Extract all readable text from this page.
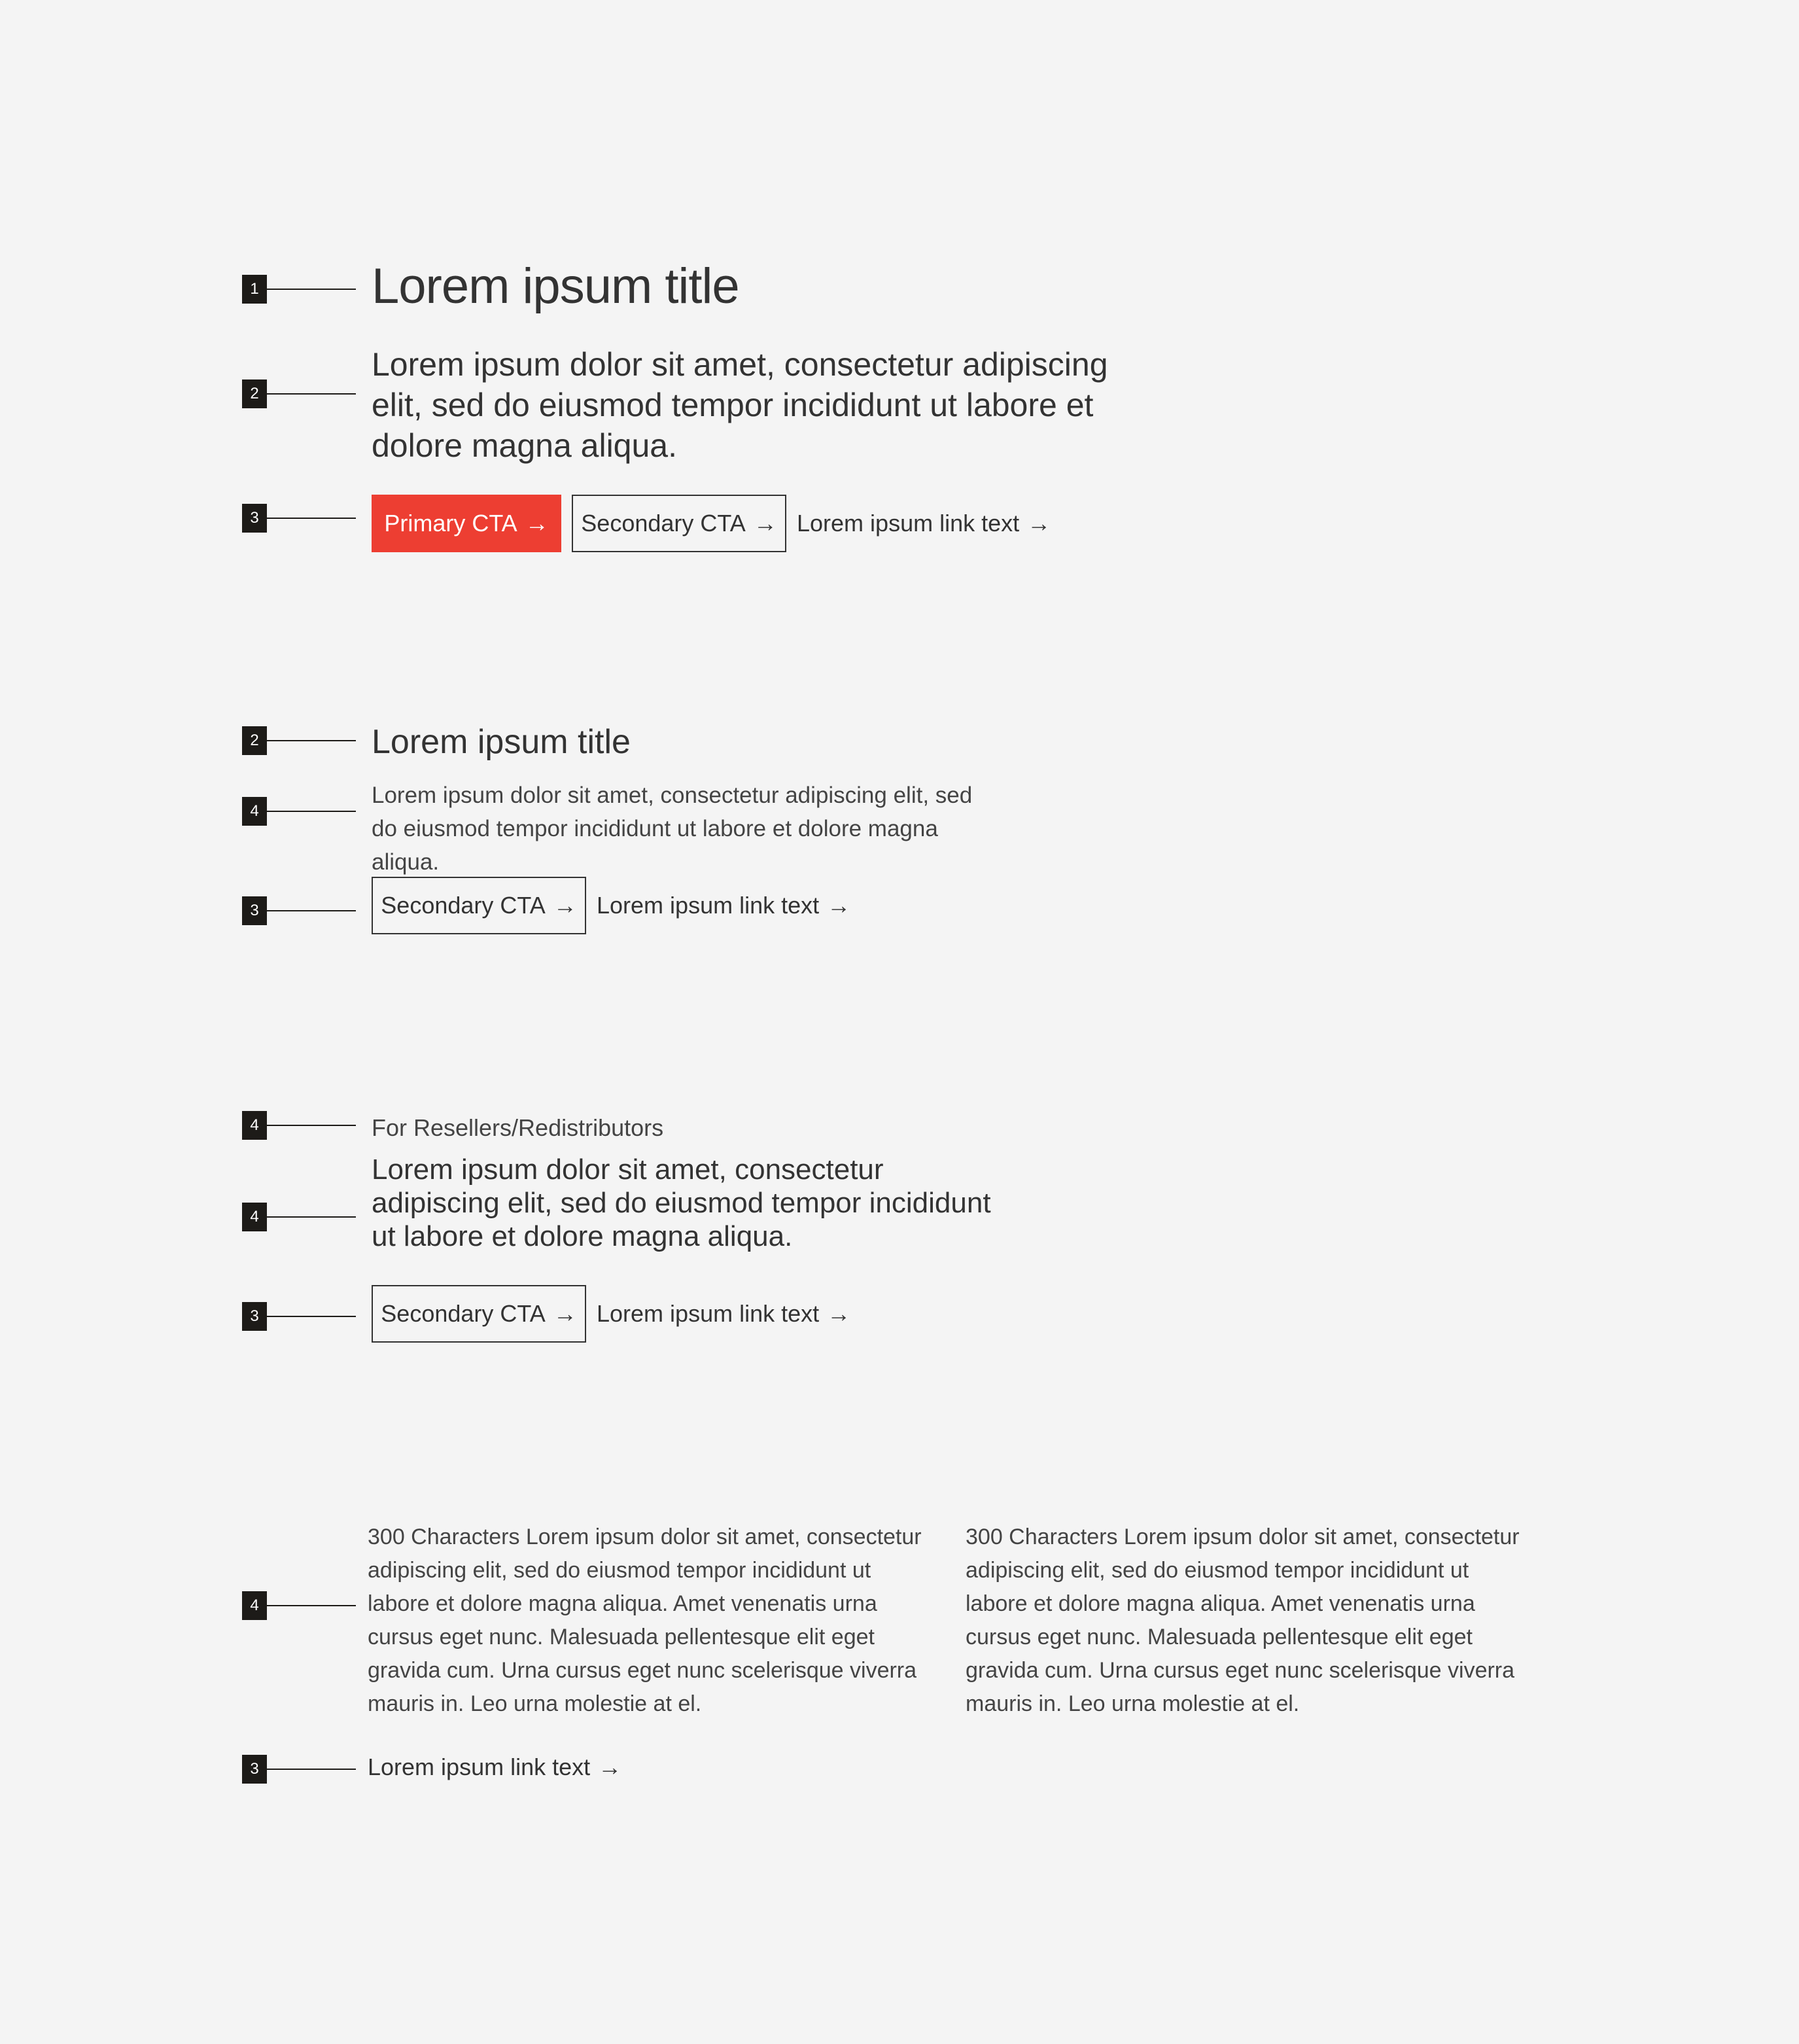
1 Lorem ipsum title
2

Lorem ipsum dolor sit amet, consectetur adipiscing elit, sed do eiusmod tempor incididunt ut labore et dolore magna aliqua.

3	Primary CTA → Secondary CTA → Lorem ipsum link text →
2	Lorem ipsum title
4

Lorem ipsum dolor sit amet, consectetur adipiscing elit, sed do eiusmod tempor incididunt ut labore et dolore magna aliqua.

3	Secondary CTA → Lorem ipsum link text →
4	For Resellers/Redistributors

4

Lorem ipsum dolor sit amet, consectetur adipiscing elit, sed do eiusmod tempor incididunt ut labore et dolore magna aliqua.

3	Secondary CTA → Lorem ipsum link text →
4

300 Characters Lorem ipsum dolor sit amet, consectetur adipiscing elit, sed do eiusmod tempor incididunt ut labore et dolore magna aliqua. Amet venenatis urna cursus eget nunc. Malesuada pellentesque elit eget gravida cum. Urna cursus eget nunc scelerisque viverra mauris in. Leo urna molestie at el.

300 Characters Lorem ipsum dolor sit amet, consectetur adipiscing elit, sed do eiusmod tempor incididunt ut labore et dolore magna aliqua. Amet venenatis urna cursus eget nunc. Malesuada pellentesque elit eget gravida cum. Urna cursus eget nunc scelerisque viverra mauris in. Leo urna molestie at el.

3	Lorem ipsum link text →
